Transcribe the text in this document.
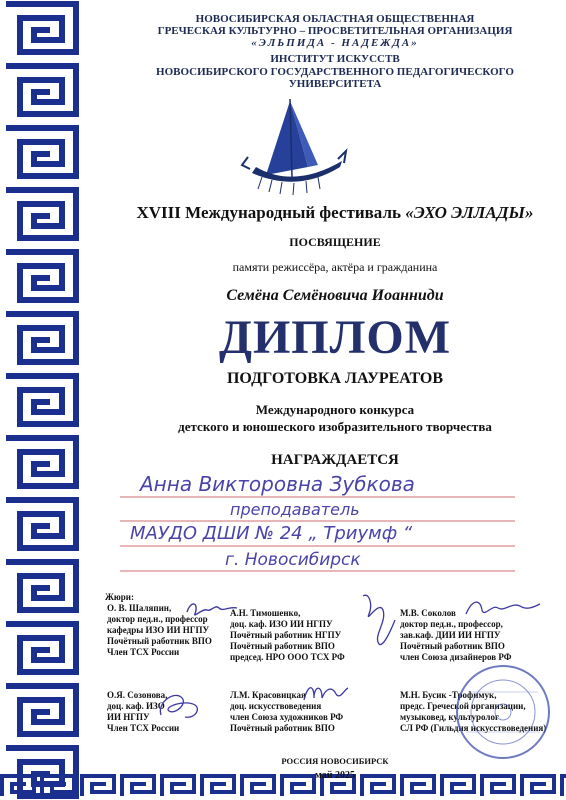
НОВОСИБИРСКАЯ ОБЛАСТНАЯ ОБЩЕСТВЕННАЯ
ГРЕЧЕСКАЯ КУЛЬТУРНО – ПРОСВЕТИТЕЛЬНАЯ ОРГАНИЗАЦИЯ
«ЭЛЬПИДА - НАДЕЖДА»
ИНСТИТУТ ИСКУССТВ
НОВОСИБИРСКОГО ГОСУДАРСТВЕННОГО ПЕДАГОГИЧЕСКОГО УНИВЕРСИТЕТА
XVIII Международный фестиваль «ЭХО ЭЛЛАДЫ»
ПОСВЯЩЕНИЕ
памяти режиссёра, актёра и гражданина
Семёна Семёновича Иоанниди
ДИПЛОМ
ПОДГОТОВКА ЛАУРЕАТОВ
Международного конкурса
детского и юношеского изобразительного творчества
НАГРАЖДАЕТСЯ
Анна Викторовна Зубкова
преподаватель
МАУДО ДШИ № 24 „ Триумф “
г. Новосибирск
Жюри:
О. В. Шаляпин,
доктор пед.н., профессор
кафедры ИЗО ИИ НГПУ
Почётный работник ВПО
Член ТСХ России
А.Н. Тимошенко,
доц. каф. ИЗО ИИ НГПУ
Почётный работник НГПУ
Почётный работник ВПО
председ. НРО ООО ТСХ РФ
М.В. Соколов
доктор пед.н., профессор,
зав.каф. ДИИ ИИ НГПУ
Почётный работник ВПО
член Союза дизайнеров РФ
О.Я. Созонова,
доц. каф. ИЗО
ИИ НГПУ
Член ТСХ России
Л.М. Красовицкая
доц. искусствоведения
член Союза художников РФ
Почётный работник ВПО
М.Н. Бусик -Трофимук,
предс. Греческой организации,
музыковед, культуролог
СЛ РФ (Гильдия искусствоведения)
РОССИЯ НОВОСИБИРСК
май 2025
